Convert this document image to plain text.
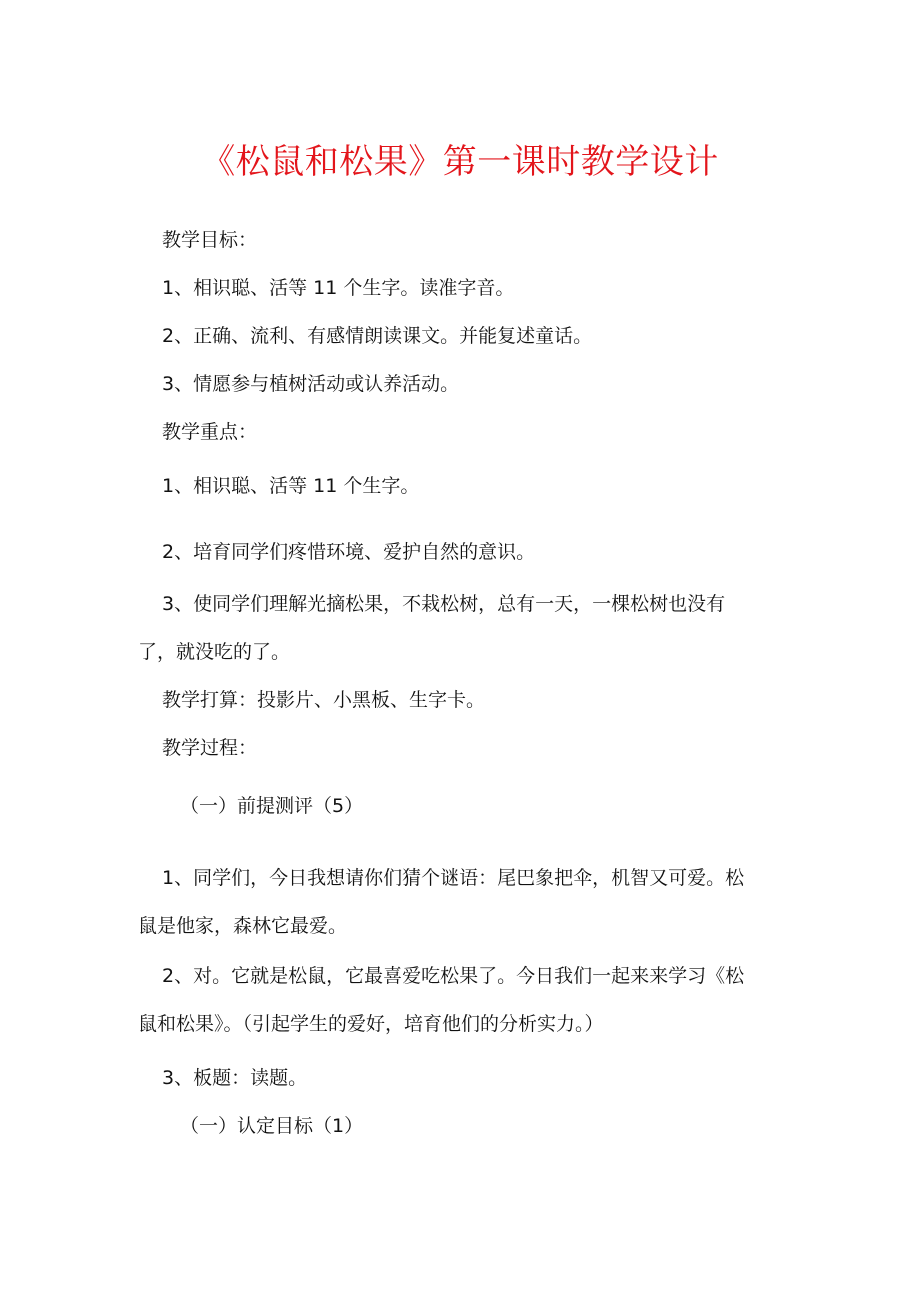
《松鼠和松果》第一课时教学设计

教学目标：

1、相识聪、活等 11 个生字。读准字音。

2、正确、流利、有感情朗读课文。并能复述童话。

3、情愿参与植树活动或认养活动。

教学重点：

1、相识聪、活等 11 个生字。

2、培育同学们疼惜环境、爱护自然的意识。

3、使同学们理解光摘松果，不栽松树，总有一天，一棵松树也没有

了，就没吃的了。

教学打算：投影片、小黑板、生字卡。

教学过程：

（一）前提测评（5）

1、同学们，今日我想请你们猜个谜语：尾巴象把伞，机智又可爱。松

鼠是他家，森林它最爱。

2、对。它就是松鼠，它最喜爱吃松果了。今日我们一起来来学习《松

鼠和松果》。（引起学生的爱好，培育他们的分析实力。）

3、板题：读题。

（一）认定目标（1）
